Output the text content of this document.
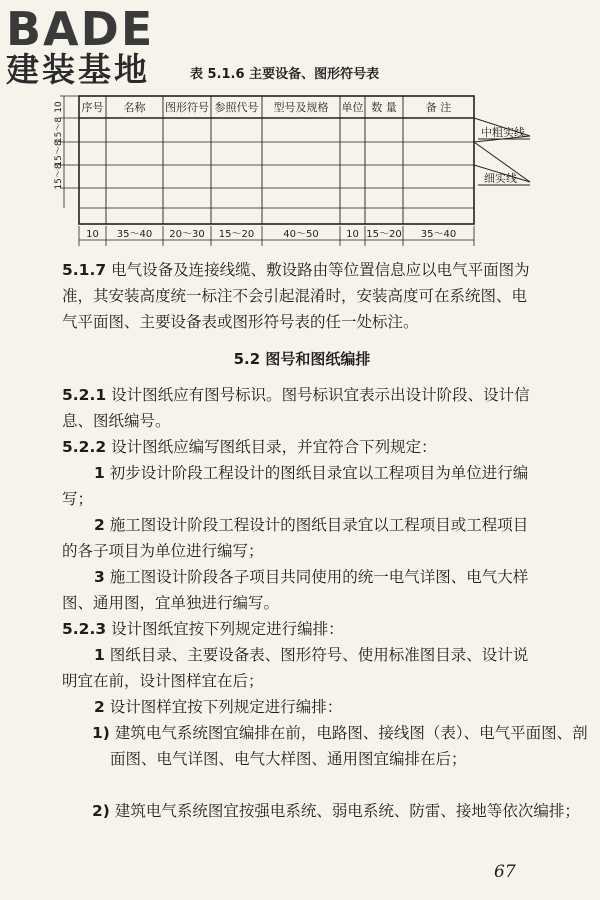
BADE
建装基地	表 5.1.6 主要设备、图形符号表
序号 名称 图形符号 参照代号 型号及规格 单位 数 量	备 注
中粗实线
细实线
10
15～8
15～8
15～8
10 35～40 20～30 15～20	40～50	10 15～20 35～40

5.1.7 电气设备及连接线缆、敷设路由等位置信息应以电气平面图为准，其安装高度统一标注不会引起混淆时，安装高度可在系统图、电气平面图、主要设备表或图形符号表的任一处标注。

5.2 图号和图纸编排

5.2.1 设计图纸应有图号标识。图号标识宜表示出设计阶段、设计信息、图纸编号。

5.2.2 设计图纸应编写图纸目录，并宜符合下列规定：

1 初步设计阶段工程设计的图纸目录宜以工程项目为单位进行编写；

2 施工图设计阶段工程设计的图纸目录宜以工程项目或工程项目的各子项目为单位进行编写；

3 施工图设计阶段各子项目共同使用的统一电气详图、电气大样图、通用图，宜单独进行编写。

5.2.3 设计图纸宜按下列规定进行编排：

1 图纸目录、主要设备表、图形符号、使用标准图目录、设计说明宜在前，设计图样宜在后；

2 设计图样宜按下列规定进行编排：

1) 建筑电气系统图宜编排在前，电路图、接线图（表）、电气平面图、剖面图、电气详图、电气大样图、通用图宜编排在后；

2) 建筑电气系统图宜按强电系统、弱电系统、防雷、接地等依次编排；

67
